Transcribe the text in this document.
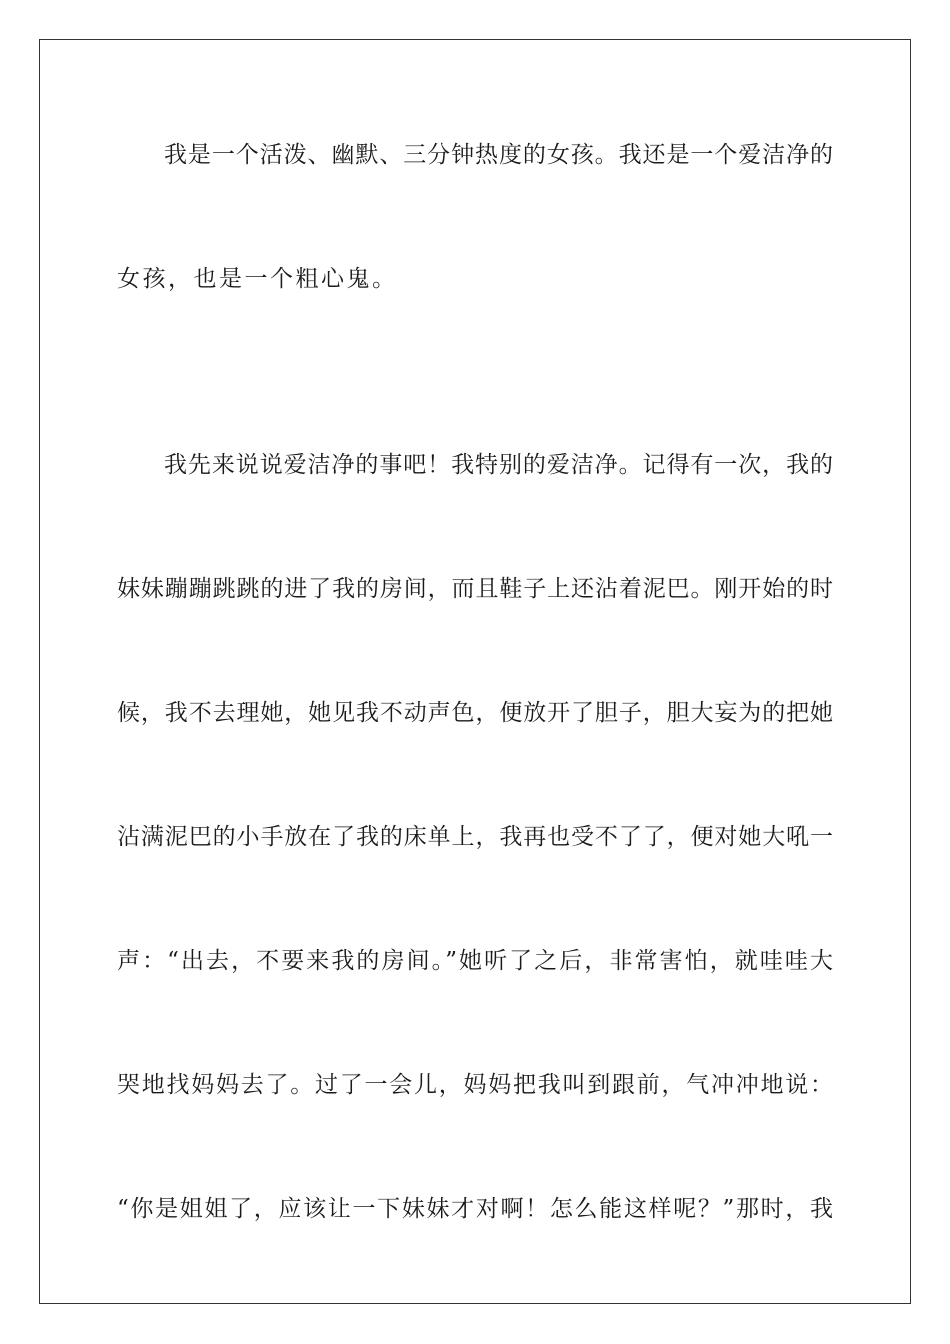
我是一个活泼、幽默、三分钟热度的女孩。我还是一个爱洁净的
女孩，也是一个粗心鬼。
我先来说说爱洁净的事吧！我特别的爱洁净。记得有一次，我的
妹妹蹦蹦跳跳的进了我的房间，而且鞋子上还沾着泥巴。刚开始的时
候，我不去理她，她见我不动声色，便放开了胆子，胆大妄为的把她
沾满泥巴的小手放在了我的床单上，我再也受不了了，便对她大吼一
声：“出去，不要来我的房间。”她听了之后，非常害怕，就哇哇大
哭地找妈妈去了。过了一会儿，妈妈把我叫到跟前，气冲冲地说：
“你是姐姐了，应该让一下妹妹才对啊！怎么能这样呢？”那时，我
